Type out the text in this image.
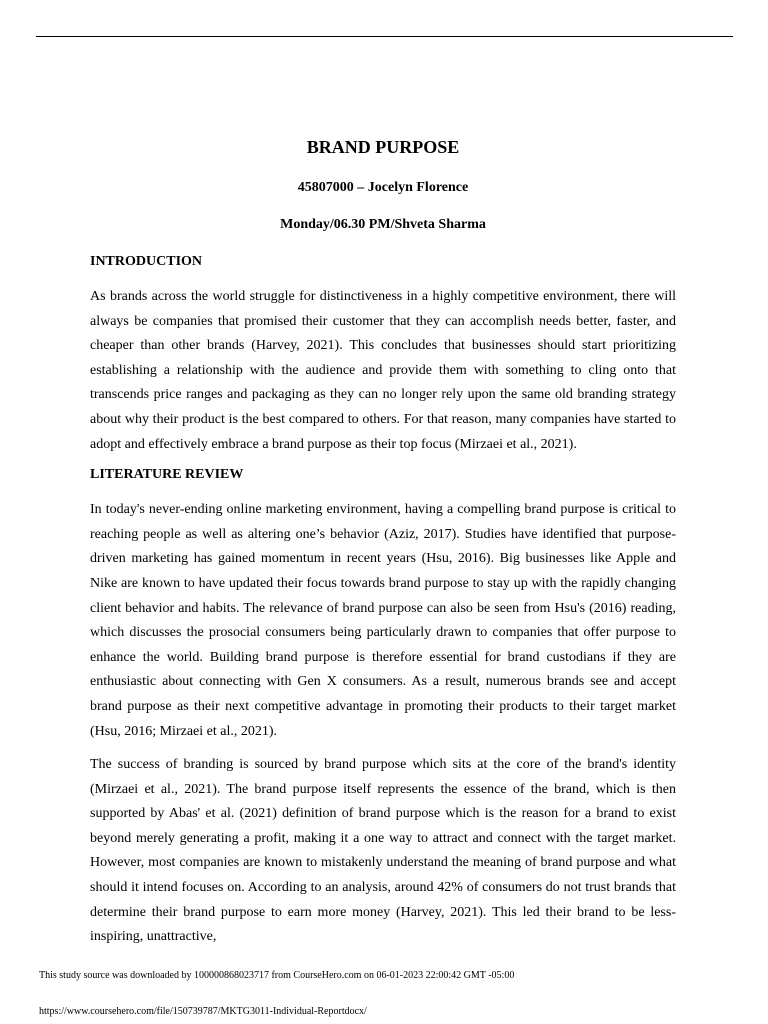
BRAND PURPOSE
45807000 – Jocelyn Florence
Monday/06.30 PM/Shveta Sharma
INTRODUCTION

As brands across the world struggle for distinctiveness in a highly competitive environment, there will always be companies that promised their customer that they can accomplish needs better, faster, and cheaper than other brands (Harvey, 2021). This concludes that businesses should start prioritizing establishing a relationship with the audience and provide them with something to cling onto that transcends price ranges and packaging as they can no longer rely upon the same old branding strategy about why their product is the best compared to others. For that reason, many companies have started to adopt and effectively embrace a brand purpose as their top focus (Mirzaei et al., 2021).

LITERATURE REVIEW

In today's never-ending online marketing environment, having a compelling brand purpose is critical to reaching people as well as altering one’s behavior (Aziz, 2017). Studies have identified that purpose-driven marketing has gained momentum in recent years (Hsu, 2016). Big businesses like Apple and Nike are known to have updated their focus towards brand purpose to stay up with the rapidly changing client behavior and habits. The relevance of brand purpose can also be seen from Hsu's (2016) reading, which discusses the prosocial consumers being particularly drawn to companies that offer purpose to enhance the world. Building brand purpose is therefore essential for brand custodians if they are enthusiastic about connecting with Gen X consumers. As a result, numerous brands see and accept brand purpose as their next competitive advantage in promoting their products to their target market (Hsu, 2016; Mirzaei et al., 2021).

The success of branding is sourced by brand purpose which sits at the core of the brand's identity (Mirzaei et al., 2021). The brand purpose itself represents the essence of the brand, which is then supported by Abas' et al. (2021) definition of brand purpose which is the reason for a brand to exist beyond merely generating a profit, making it a one way to attract and connect with the target market. However, most companies are known to mistakenly understand the meaning of brand purpose and what should it intend focuses on. According to an analysis, around 42% of consumers do not trust brands that determine their brand purpose to earn more money (Harvey, 2021). This led their brand to be less-inspiring, unattractive,

This study source was downloaded by 100000868023717 from CourseHero.com on 06-01-2023 22:00:42 GMT -05:00
https://www.coursehero.com/file/150739787/MKTG3011-Individual-Reportdocx/
